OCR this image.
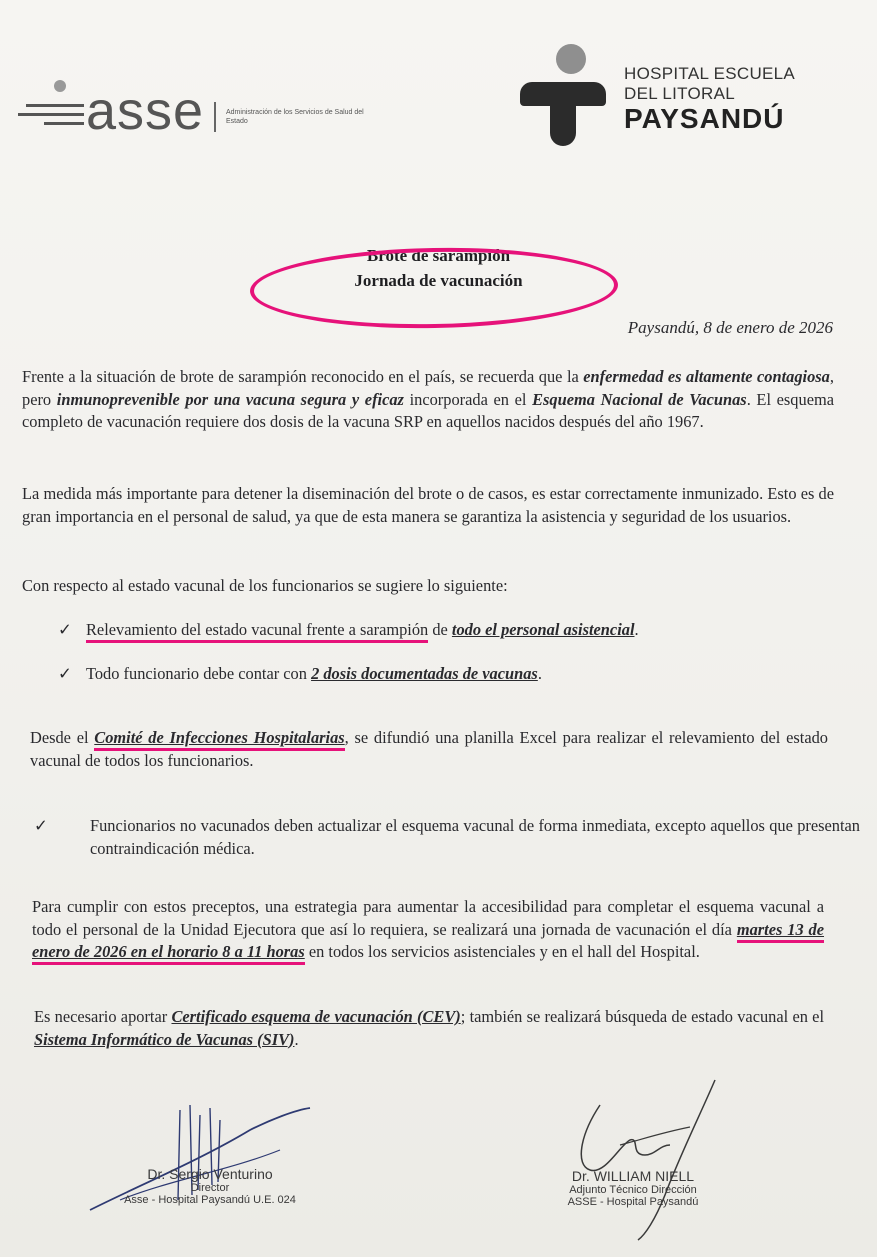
asse	Administración de los Servicios de Salud del Estado
HOSPITAL ESCUELA
DEL LITORAL
PAYSANDÚ
Brote de sarampión
Jornada de vacunación
Paysandú, 8 de enero de 2026
Frente a la situación de brote de sarampión reconocido en el país, se recuerda que la enfermedad es altamente contagiosa, pero inmunoprevenible por una vacuna segura y eficaz incorporada en el Esquema Nacional de Vacunas. El esquema completo de vacunación requiere dos dosis de la vacuna SRP en aquellos nacidos después del año 1967.
La medida más importante para detener la diseminación del brote o de casos, es estar correctamente inmunizado. Esto es de gran importancia en el personal de salud, ya que de esta manera se garantiza la asistencia y seguridad de los usuarios.
Con respecto al estado vacunal de los funcionarios se sugiere lo siguiente:
✓ Relevamiento del estado vacunal frente a sarampión de todo el personal asistencial.
✓ Todo funcionario debe contar con 2 dosis documentadas de vacunas.
Desde el Comité de Infecciones Hospitalarias, se difundió una planilla Excel para realizar el relevamiento del estado vacunal de todos los funcionarios.
✓	Funcionarios no vacunados deben actualizar el esquema vacunal de forma inmediata, excepto aquellos que presentan contraindicación médica.
Para cumplir con estos preceptos, una estrategia para aumentar la accesibilidad para completar el esquema vacunal a todo el personal de la Unidad Ejecutora que así lo requiera, se realizará una jornada de vacunación el día martes 13 de enero de 2026 en el horario 8 a 11 horas en todos los servicios asistenciales y en el hall del Hospital.
Es necesario aportar Certificado esquema de vacunación (CEV); también se realizará búsqueda de estado vacunal en el Sistema Informático de Vacunas (SIV).
Dr. Sergio Venturino
Director
Asse - Hospital Paysandú U.E. 024
Dr. WILLIAM NIELL
Adjunto Técnico Dirección
ASSE - Hospital Paysandú
